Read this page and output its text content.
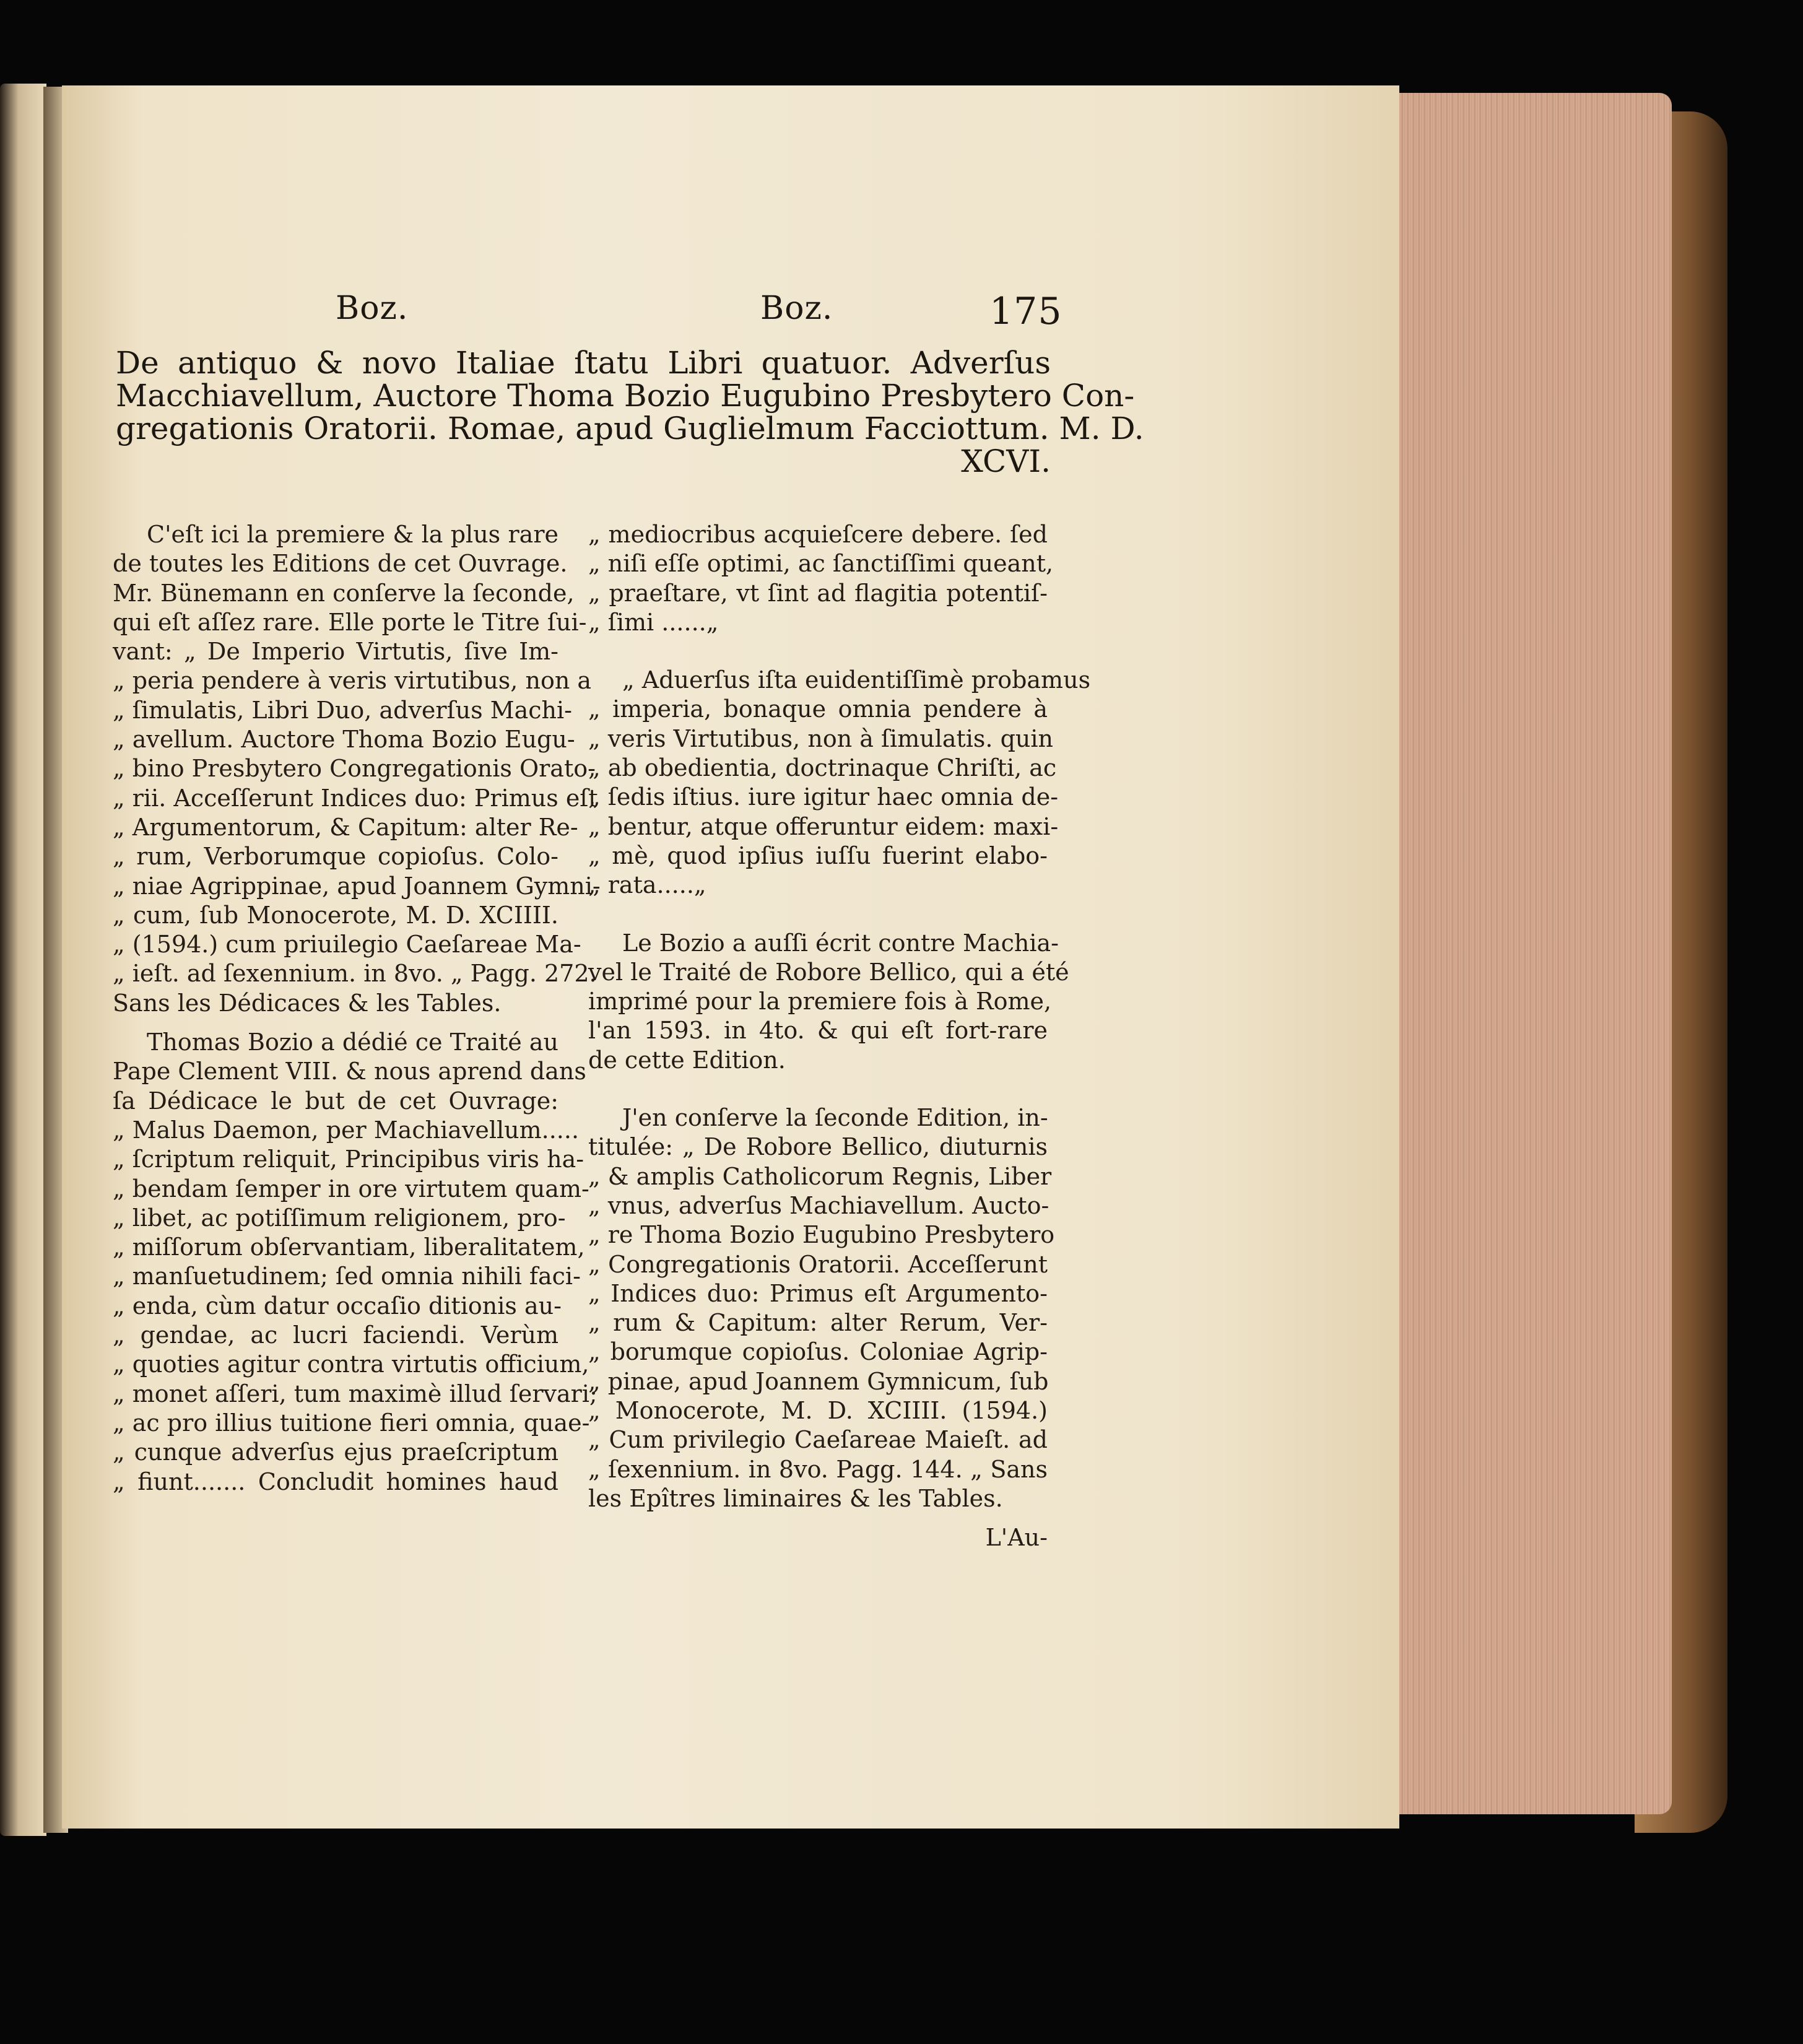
Boz.	Boz.	175
De antiquo & novo Italiae ſtatu Libri quatuor. Adverſus
Macchiavellum, Auctore Thoma Bozio Eugubino Presbytero Con-
gregationis Oratorii. Romae, apud Guglielmum Facciottum. M. D.
XCVI.
C'eſt ici la premiere & la plus rare
de toutes les Editions de cet Ouvrage.
Mr. Bünemann en conſerve la ſeconde,
qui eſt aſſez rare. Elle porte le Titre ſui-
vant: „ De Imperio Virtutis, ſive Im-
„ peria pendere à veris virtutibus, non a
„ ſimulatis, Libri Duo, adverſus Machi-
„ avellum. Auctore Thoma Bozio Eugu-
„ bino Presbytero Congregationis Orato-
„ rii. Acceſſerunt Indices duo: Primus eſt
„ Argumentorum, & Capitum: alter Re-
„ rum, Verborumque copioſus. Colo-
„ niae Agrippinae, apud Joannem Gymni-
„ cum, ſub Monocerote, M. D. XCIIII.
„ (1594.) cum priuilegio Caeſareae Ma-
„ ieſt. ad ſexennium. in 8vo. „ Pagg. 272.
Sans les Dédicaces & les Tables.
Thomas Bozio a dédié ce Traité au
Pape Clement VIII. & nous aprend dans
ſa Dédicace le but de cet Ouvrage:
„ Malus Daemon, per Machiavellum.....
„ ſcriptum reliquit, Principibus viris ha-
„ bendam ſemper in ore virtutem quam-
„ libet, ac potiſſimum religionem, pro-
„ miſſorum obſervantiam, liberalitatem,
„ manſuetudinem; ſed omnia nihili faci-
„ enda, cùm datur occaſio ditionis au-
„ gendae, ac lucri faciendi. Verùm
„ quoties agitur contra virtutis officium,
„ monet aſſeri, tum maximè illud ſervari;
„ ac pro illius tuitione fieri omnia, quae-
„ cunque adverſus ejus praeſcriptum
„ fiunt....... Concludit homines haud
„ mediocribus acquieſcere debere. ſed
„ niſi eſſe optimi, ac ſanctiſſimi queant,
„ praeſtare, vt ſint ad flagitia potentiſ-
„ ſimi ......„
„ Aduerſus iſta euidentiſſimè probamus
„ imperia, bonaque omnia pendere à
„ veris Virtutibus, non à ſimulatis. quin
„ ab obedientia, doctrinaque Chriſti, ac
„ ſedis iſtius. iure igitur haec omnia de-
„ bentur, atque offeruntur eidem: maxi-
„ mè, quod ipſius iuſſu fuerint elabo-
„ rata.....„
Le Bozio a auſſi écrit contre Machia-
vel le Traité de Robore Bellico, qui a été
imprimé pour la premiere fois à Rome,
l'an 1593. in 4to. & qui eſt fort-rare
de cette Edition.
J'en conſerve la ſeconde Edition, in-
titulée: „ De Robore Bellico, diuturnis
„ & amplis Catholicorum Regnis, Liber
„ vnus, adverſus Machiavellum. Aucto-
„ re Thoma Bozio Eugubino Presbytero
„ Congregationis Oratorii. Acceſſerunt
„ Indices duo: Primus eſt Argumento-
„ rum & Capitum: alter Rerum, Ver-
„ borumque copioſus. Coloniae Agrip-
„ pinae, apud Joannem Gymnicum, ſub
„ Monocerote, M. D. XCIIII. (1594.)
„ Cum privilegio Caeſareae Maieſt. ad
„ ſexennium. in 8vo. Pagg. 144. „ Sans
les Epîtres liminaires & les Tables.
L'Au-
